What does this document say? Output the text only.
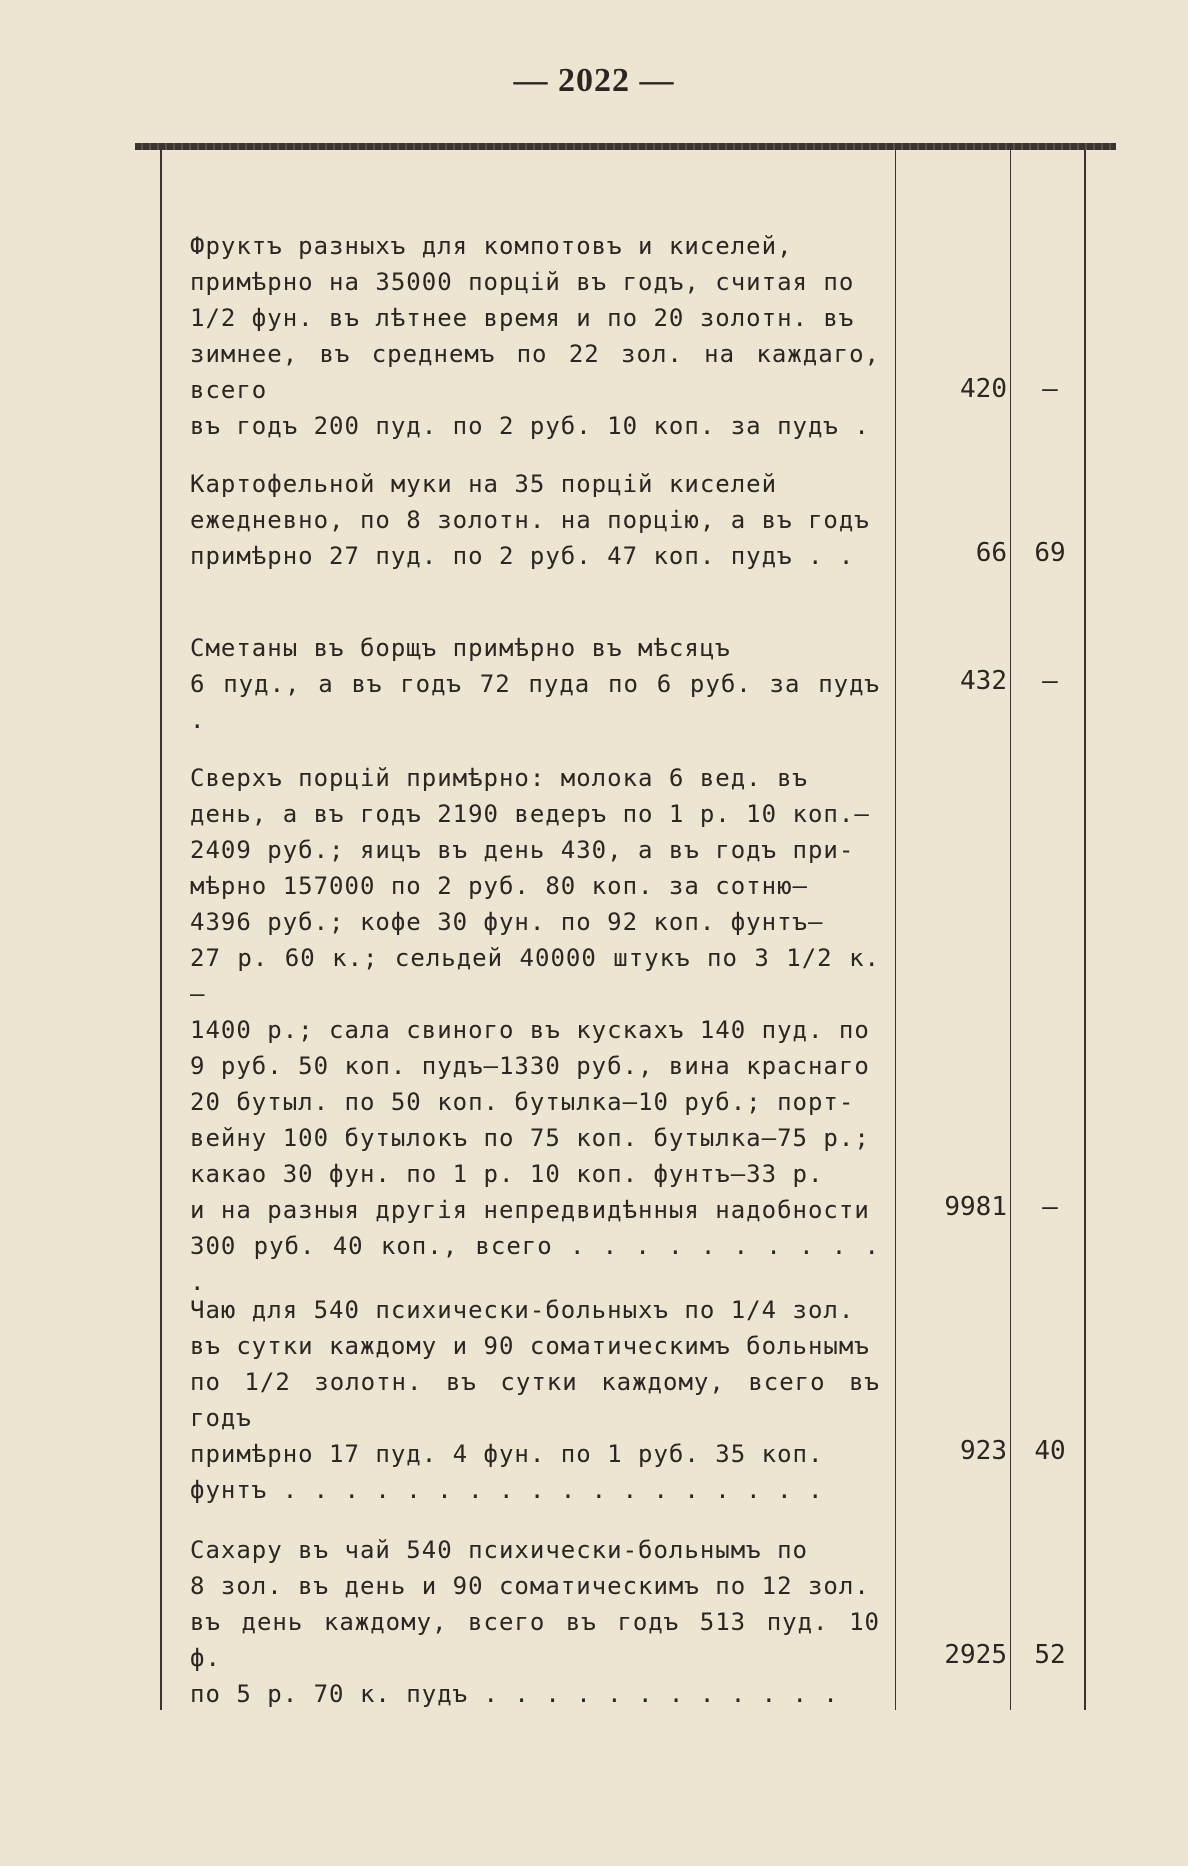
— 2022 —
Фруктъ разныхъ для компотовъ и киселей,
примѣрно на 35000 порцій въ годъ, считая по
1/2 фун. въ лѣтнее время и по 20 золотн. въ
зимнее, въ среднемъ по 22 зол. на каждаго, всего
въ годъ 200 пуд. по 2 руб. 10 коп. за пудъ .
420	—
Картофельной муки на 35 порцій киселей
ежедневно, по 8 золотн. на порцію, а въ годъ
примѣрно 27 пуд. по 2 руб. 47 коп. пудъ . .	66	69
Сметаны въ борщъ примѣрно въ мѣсяцъ
6 пуд., а въ годъ 72 пуда по 6 руб. за пудъ .
432	—
Сверхъ порцій примѣрно: молока 6 вед. въ
день, а въ годъ 2190 ведеръ по 1 р. 10 коп.—
2409 руб.; яицъ въ день 430, а въ годъ при-
мѣрно 157000 по 2 руб. 80 коп. за сотню—
4396 руб.; кофе 30 фун. по 92 коп. фунтъ—
27 р. 60 к.; сельдей 40000 штукъ по 3 1/2 к.—
1400 р.; сала свиного въ кускахъ 140 пуд. по
9 руб. 50 коп. пудъ—1330 руб., вина краснаго
20 бутыл. по 50 коп. бутылка—10 руб.; порт-
вейну 100 бутылокъ по 75 коп. бутылка—75 р.;
какао 30 фун. по 1 р. 10 коп. фунтъ—33 р.
и на разныя другія непредвидѣнныя надобности
300 руб. 40 коп., всего . . . . . . . . . . .
9981	—
Чаю для 540 психически-больныхъ по 1/4 зол.
въ сутки каждому и 90 соматическимъ больнымъ
по 1/2 золотн. въ сутки каждому, всего въ годъ
примѣрно 17 пуд. 4 фун. по 1 руб. 35 коп.
фунтъ . . . . . . . . . . . . . . . . . .
923	40
Сахару въ чай 540 психически-больнымъ по
8 зол. въ день и 90 соматическимъ по 12 зол.
въ день каждому, всего въ годъ 513 пуд. 10 ф.
по 5 р. 70 к. пудъ . . . . . . . . . . . .
2925	52
